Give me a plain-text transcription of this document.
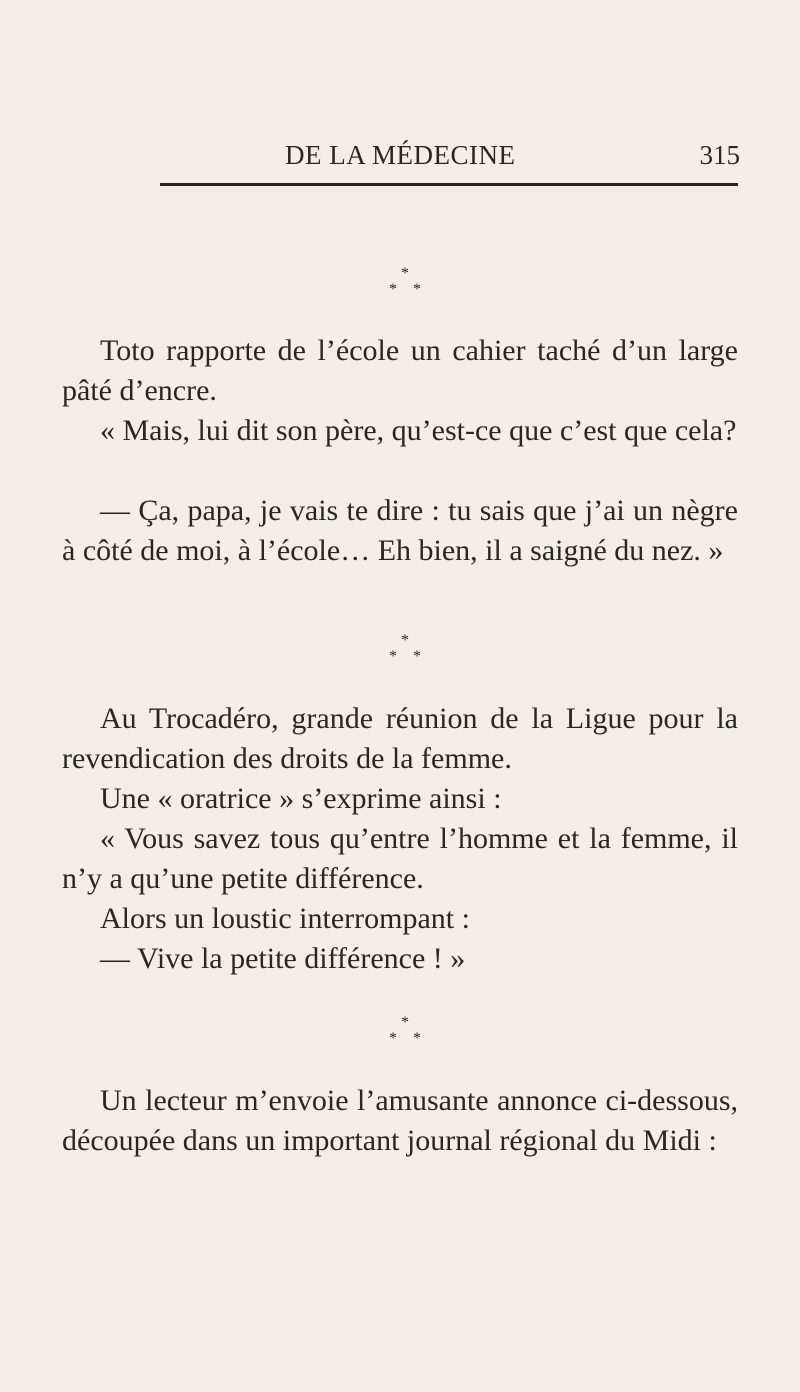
DE LA MÉDECINE	315
*
* *

Toto rapporte de l’école un cahier taché d’un large pâté d’encre.

« Mais, lui dit son père, qu’est-ce que c’est que cela?

— Ça, papa, je vais te dire : tu sais que j’ai un nègre à côté de moi, à l’école… Eh bien, il a saigné du nez. »

*
* *

Au Trocadéro, grande réunion de la Ligue pour la revendication des droits de la femme.

Une « oratrice » s’exprime ainsi :

« Vous savez tous qu’entre l’homme et la femme, il n’y a qu’une petite différence.

Alors un loustic interrompant :

— Vive la petite différence ! »

*
* *

Un lecteur m’envoie l’amusante annonce ci-dessous, découpée dans un important journal régional du Midi :
